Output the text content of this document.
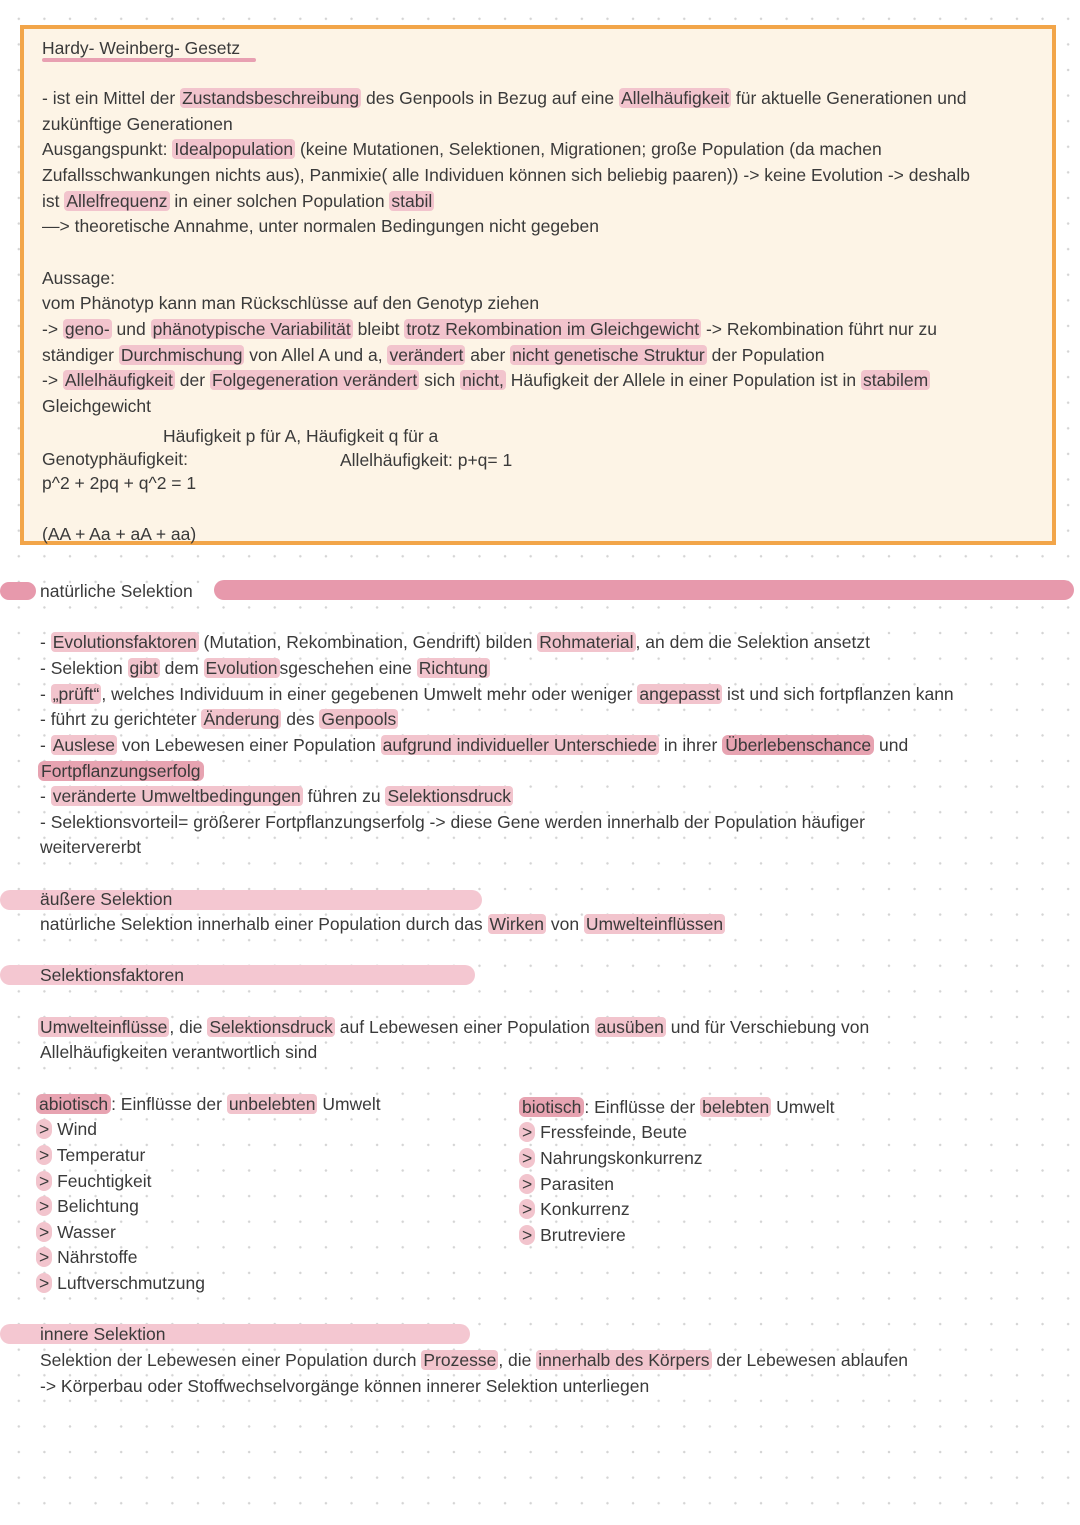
Hardy- Weinberg- Gesetz
- ist ein Mittel der Zustandsbeschreibung des Genpools in Bezug auf eine Allelhäufigkeit für aktuelle Generationen und
zukünftige Generationen
Ausgangspunkt: Idealpopulation (keine Mutationen, Selektionen, Migrationen; große Population (da machen
Zufallsschwankungen nichts aus), Panmixie( alle Individuen können sich beliebig paaren)) -> keine Evolution -> deshalb
ist Allelfrequenz in einer solchen Population stabil
—> theoretische Annahme, unter normalen Bedingungen nicht gegeben
Aussage:
vom Phänotyp kann man Rückschlüsse auf den Genotyp ziehen
-> geno- und phänotypische Variabilität bleibt trotz Rekombination im Gleichgewicht -> Rekombination führt nur zu
ständiger Durchmischung von Allel A und a, verändert aber nicht genetische Struktur der Population
-> Allelhäufigkeit der Folgegeneration verändert sich nicht, Häufigkeit der Allele in einer Population ist in stabilem
Gleichgewicht
Häufigkeit p für A, Häufigkeit q für a
Genotyphäufigkeit:	Allelhäufigkeit: p+q= 1
p^2 + 2pq + q^2 = 1
(AA + Aa + aA + aa)
natürliche Selektion
- Evolutionsfaktoren (Mutation, Rekombination, Gendrift) bilden Rohmaterial , an dem die Selektion ansetzt
- Selektion gibt dem Evolution sgeschehen eine Richtung
- „prüft“ , welches Individuum in einer gegebenen Umwelt mehr oder weniger angepasst ist und sich fortpflanzen kann
- führt zu gerichteter Änderung des Genpools
- Auslese von Lebewesen einer Population aufgrund individueller Unterschiede in ihrer Überlebenschance und
Fortpflanzungserfolg
- veränderte Umweltbedingungen führen zu Selektionsdruck
- Selektionsvorteil= größerer Fortpflanzungserfolg -> diese Gene werden innerhalb der Population häufiger
weitervererbt
äußere Selektion
natürliche Selektion innerhalb einer Population durch das Wirken von Umwelteinflüssen
Selektionsfaktoren
Umwelteinflüsse , die Selektionsdruck auf Lebewesen einer Population ausüben und für Verschiebung von
Allelhäufigkeiten verantwortlich sind
abiotisch : Einflüsse der unbelebten Umwelt
> Wind
> Temperatur
> Feuchtigkeit
> Belichtung
> Wasser
> Nährstoffe
> Luftverschmutzung
biotisch : Einflüsse der belebten Umwelt
> Fressfeinde, Beute
> Nahrungskonkurrenz
> Parasiten
> Konkurrenz
> Brutreviere
innere Selektion
Selektion der Lebewesen einer Population durch Prozesse , die innerhalb des Körpers der Lebewesen ablaufen
-> Körperbau oder Stoffwechselvorgänge können innerer Selektion unterliegen
